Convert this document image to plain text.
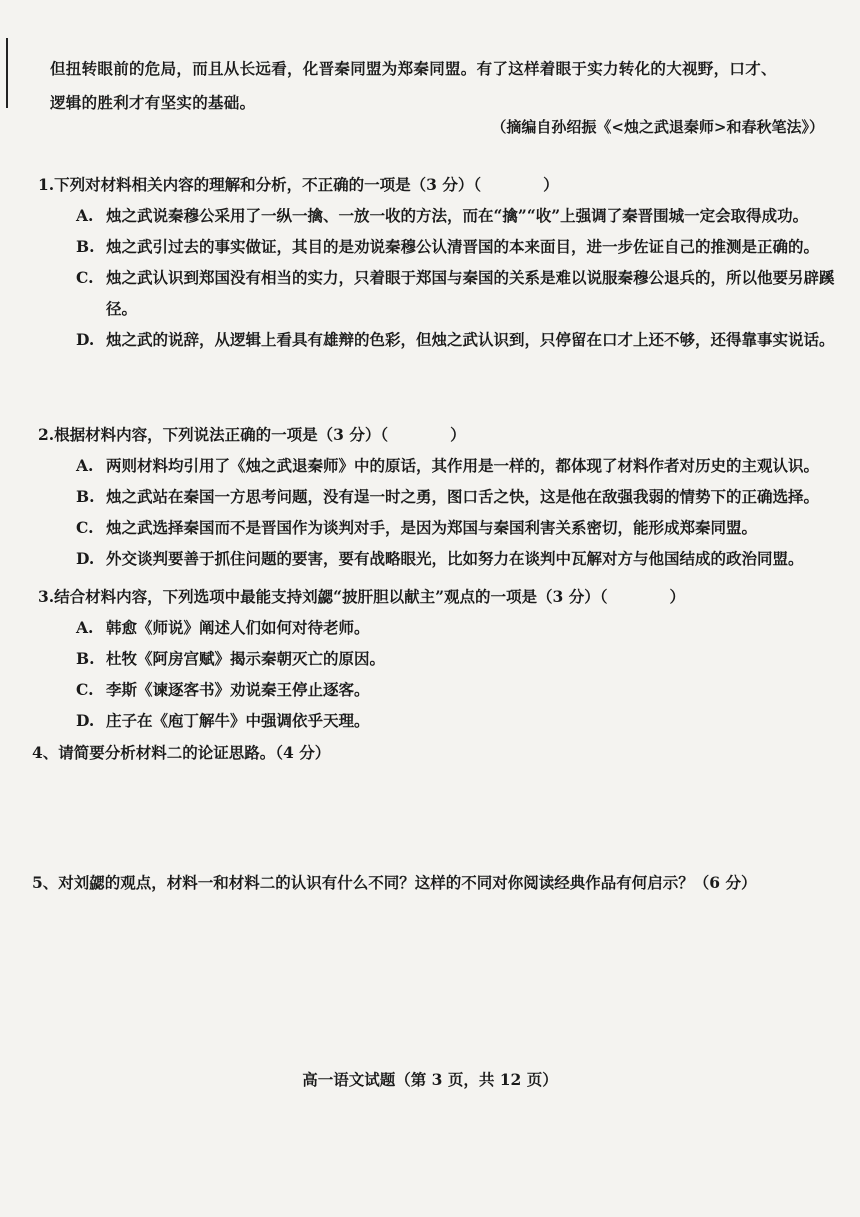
但扭转眼前的危局，而且从长远看，化晋秦同盟为郑秦同盟。有了这样着眼于实力转化的大视野，口才、
逻辑的胜利才有坚实的基础。
（摘编自孙绍振《<烛之武退秦师>和春秋笔法》）
1.下列对材料相关内容的理解和分析，不正确的一项是（3 分）（　　　　）
A. 烛之武说秦穆公采用了一纵一擒、一放一收的方法，而在“擒”“收”上强调了秦晋围城一定会取得成功。
B. 烛之武引过去的事实做证，其目的是劝说秦穆公认清晋国的本来面目，进一步佐证自己的推测是正确的。
C. 烛之武认识到郑国没有相当的实力，只着眼于郑国与秦国的关系是难以说服秦穆公退兵的，所以他要另辟蹊径。
D. 烛之武的说辞，从逻辑上看具有雄辩的色彩，但烛之武认识到，只停留在口才上还不够，还得靠事实说话。
2.根据材料内容，下列说法正确的一项是（3 分）（　　　　）
A. 两则材料均引用了《烛之武退秦师》中的原话，其作用是一样的，都体现了材料作者对历史的主观认识。
B. 烛之武站在秦国一方思考问题，没有逞一时之勇，图口舌之快，这是他在敌强我弱的情势下的正确选择。
C. 烛之武选择秦国而不是晋国作为谈判对手，是因为郑国与秦国利害关系密切，能形成郑秦同盟。
D. 外交谈判要善于抓住问题的要害，要有战略眼光，比如努力在谈判中瓦解对方与他国结成的政治同盟。
3.结合材料内容，下列选项中最能支持刘勰“披肝胆以献主”观点的一项是（3 分）（　　　　）
A. 韩愈《师说》阐述人们如何对待老师。
B. 杜牧《阿房宫赋》揭示秦朝灭亡的原因。
C. 李斯《谏逐客书》劝说秦王停止逐客。
D. 庄子在《庖丁解牛》中强调依乎天理。
4、请简要分析材料二的论证思路。（4 分）
5、对刘勰的观点，材料一和材料二的认识有什么不同？这样的不同对你阅读经典作品有何启示？（6 分）
高一语文试题（第 3 页，共 12 页）
